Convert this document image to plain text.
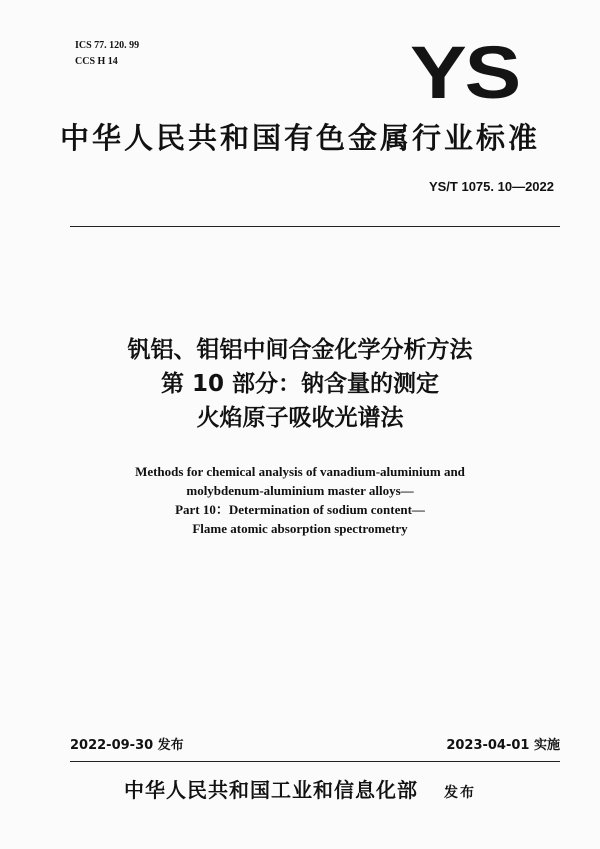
ICS 77. 120. 99
CCS H 14	YS
中华人民共和国有色金属行业标准
YS/T 1075. 10—2022
钒铝、钼铝中间合金化学分析方法
第 10 部分：钠含量的测定
火焰原子吸收光谱法
Methods for chemical analysis of vanadium-aluminium and
molybdenum-aluminium master alloys—
Part 10：Determination of sodium content—
Flame atomic absorption spectrometry
2022-09-30 发布	2023-04-01 实施
中华人民共和国工业和信息化部 发布
